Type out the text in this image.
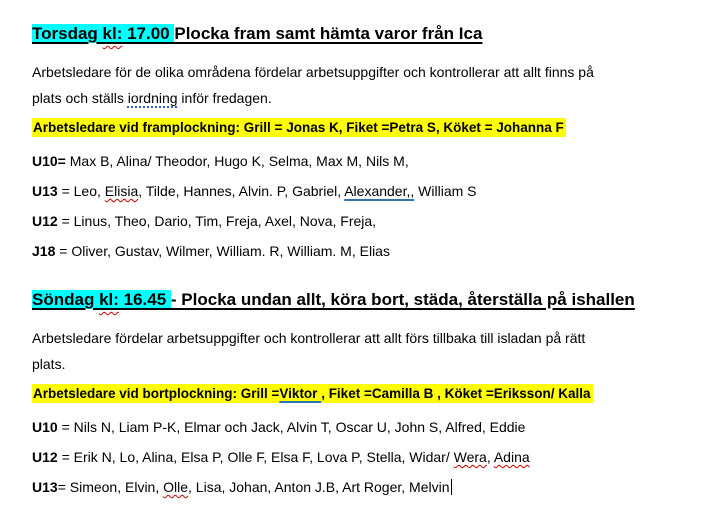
Torsdag kl: 17.00 Plocka fram samt hämta varor från Ica

Arbetsledare för de olika områdena fördelar arbetsuppgifter och kontrollerar att allt finns på
plats och ställs iordning inför fredagen.

Arbetsledare vid framplockning: Grill = Jonas K, Fiket =Petra S, Köket = Johanna F

U10= Max B, Alina/ Theodor, Hugo K, Selma, Max M, Nils M,

U13 = Leo, Elisia, Tilde, Hannes, Alvin. P, Gabriel, Alexander,, William S

U12 = Linus, Theo, Dario, Tim, Freja, Axel, Nova, Freja,

J18 = Oliver, Gustav, Wilmer, William. R, William. M, Elias

Söndag kl: 16.45 - Plocka undan allt, köra bort, städa, återställa på ishallen

Arbetsledare fördelar arbetsuppgifter och kontrollerar att allt förs tillbaka till isladan på rätt
plats.

Arbetsledare vid bortplockning: Grill =Viktor , Fiket =Camilla B , Köket =Eriksson/ Kalla

U10 = Nils N, Liam P-K, Elmar och Jack, Alvin T, Oscar U, John S, Alfred, Eddie

U12 = Erik N, Lo, Alina, Elsa P, Olle F, Elsa F, Lova P, Stella, Widar/ Wera, Adina

U13= Simeon, Elvin, Olle, Lisa, Johan, Anton J.B, Art Roger, Melvin
